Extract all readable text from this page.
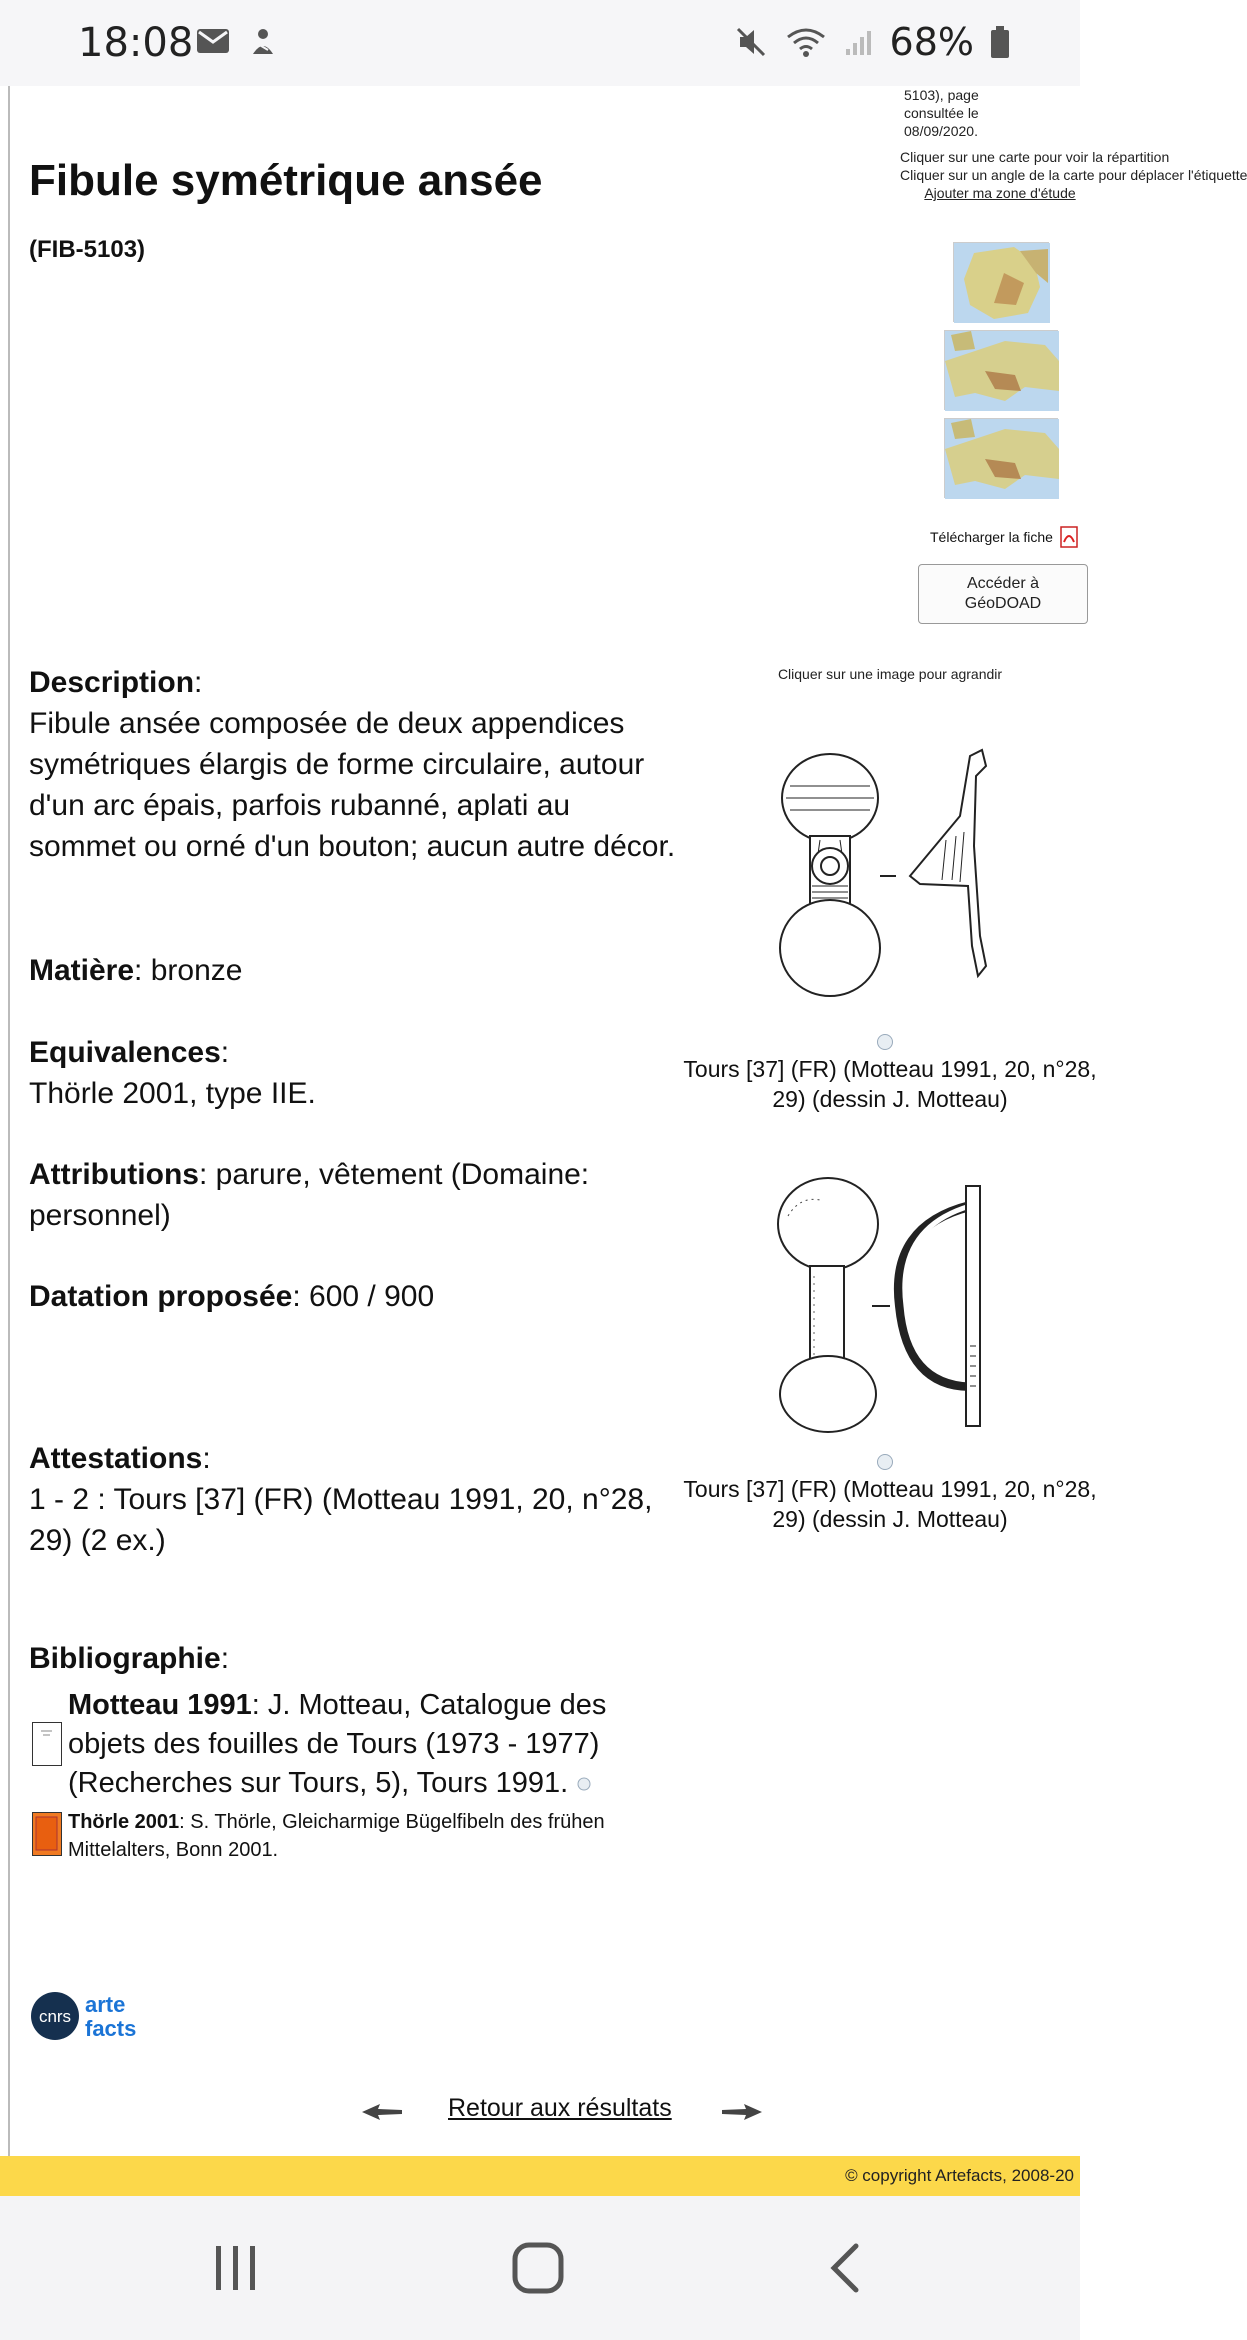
18:08	68%
5103), page consultée le 08/09/2020.
Cliquer sur une carte pour voir la répartition
Cliquer sur un angle de la carte pour déplacer l'étiquette
Ajouter ma zone d'étude
Télécharger la fiche
Accéder à
GéoDOAD
Fibule symétrique ansée
(FIB-5103)
Cliquer sur une image pour agrandir
Tours [37] (FR) (Motteau 1991, 20, n°28, 29) (dessin J. Motteau)
Tours [37] (FR) (Motteau 1991, 20, n°28, 29) (dessin J. Motteau)
Description:
Fibule ansée composée de deux appendices symétriques élargis de forme circulaire, autour d'un arc épais, parfois rubanné, aplati au sommet ou orné d'un bouton; aucun autre décor.
Matière: bronze
Equivalences:
Thörle 2001, type IIE.
Attributions: parure, vêtement (Domaine: personnel)
Datation proposée: 600 / 900
Attestations:
1 - 2 : Tours [37] (FR) (Motteau 1991, 20, n°28, 29) (2 ex.)
Bibliographie:
Motteau 1991: J. Motteau, Catalogue des objets des fouilles de Tours (1973 - 1977) (Recherches sur Tours, 5), Tours 1991.
Thörle 2001: S. Thörle, Gleicharmige Bügelfibeln des frühen Mittelalters, Bonn 2001.
cnrs arte
facts
Retour aux résultats
© copyright Artefacts, 2008-20
